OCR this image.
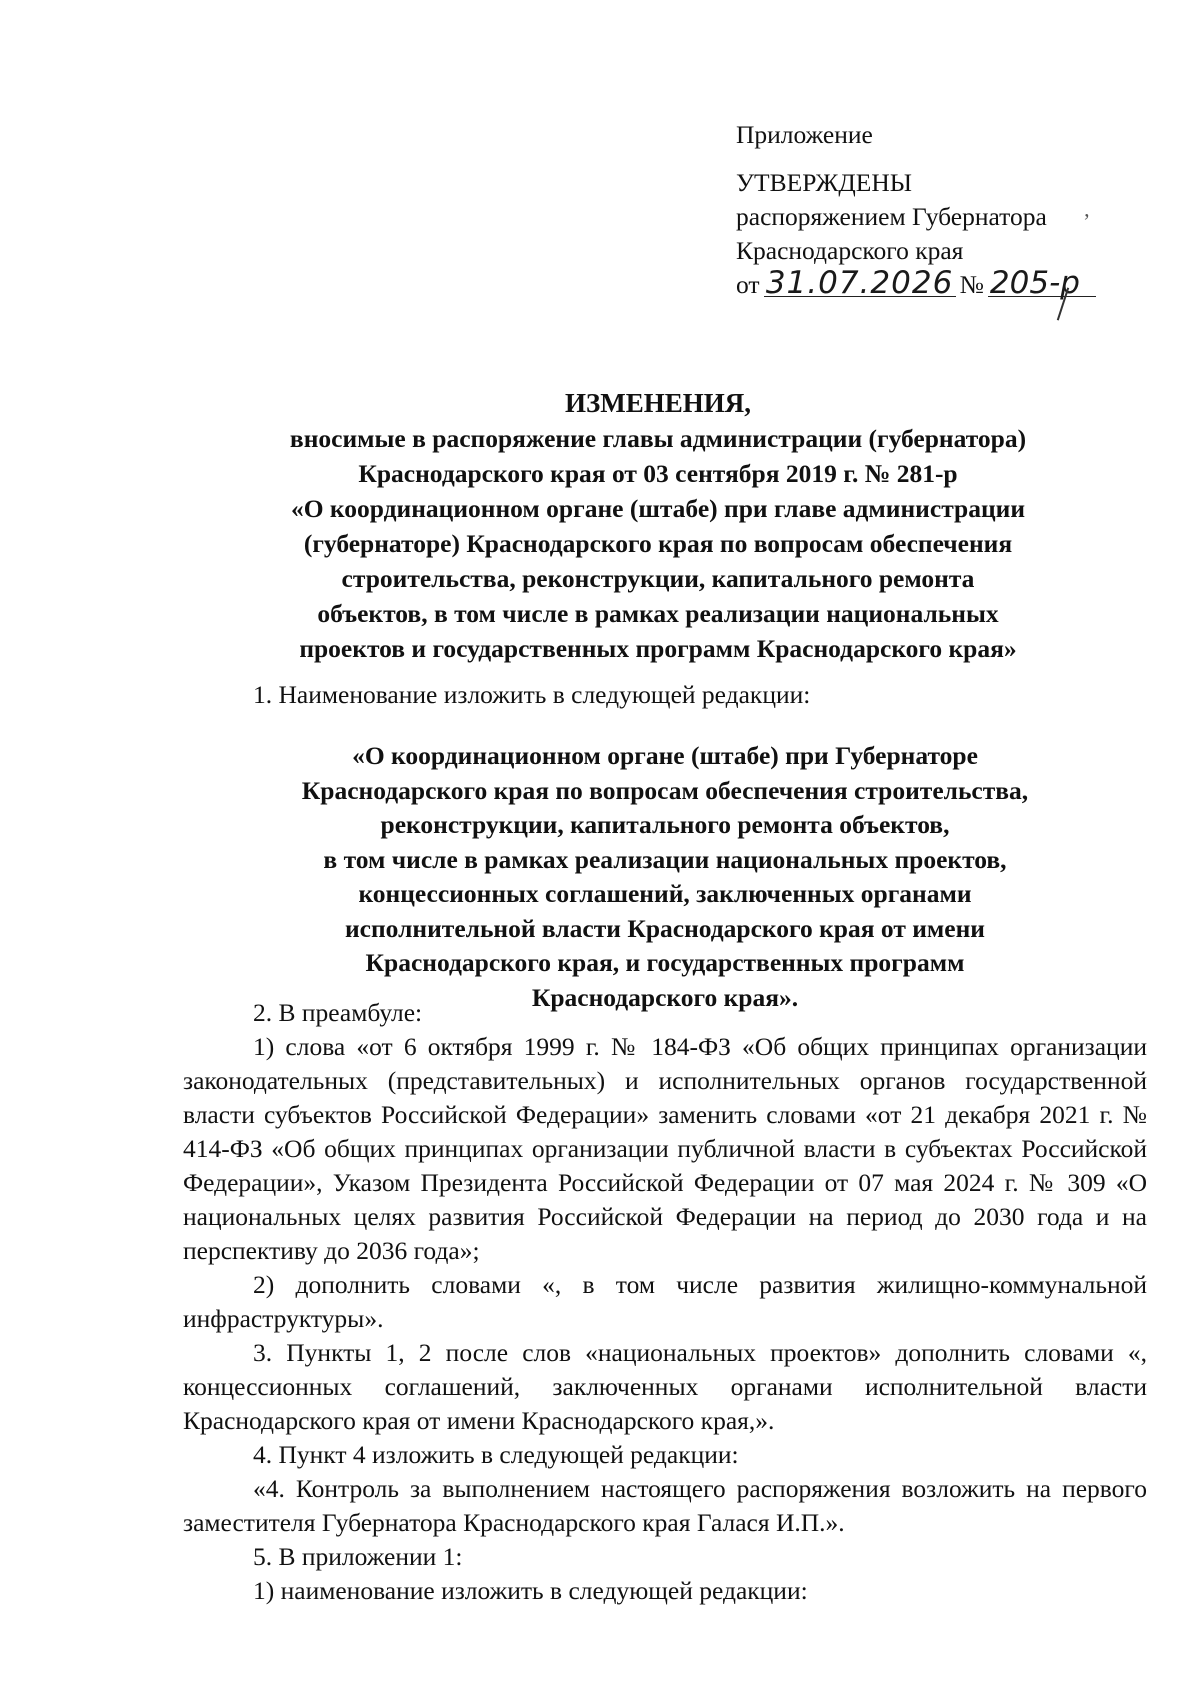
Приложение
УТВЕРЖДЕНЫ
распоряжением Губернатора
Краснодарского края
от 31.07.2026 № 205-р
ʼ
ИЗМЕНЕНИЯ,
вносимые в распоряжение главы администрации (губернатора)
Краснодарского края от 03 сентября 2019 г. № 281-р
«О координационном органе (штабе) при главе администрации
(губернаторе) Краснодарского края по вопросам обеспечения
строительства, реконструкции, капитального ремонта
объектов, в том числе в рамках реализации национальных
проектов и государственных программ Краснодарского края»

1. Наименование изложить в следующей редакции:

«О координационном органе (штабе) при Губернаторе
Краснодарского края по вопросам обеспечения строительства,
реконструкции, капитального ремонта объектов,
в том числе в рамках реализации национальных проектов,
концессионных соглашений, заключенных органами
исполнительной власти Краснодарского края от имени
Краснодарского края, и государственных программ
Краснодарского края».

2. В преамбуле:

1) слова «от 6 октября 1999 г. № 184-ФЗ «Об общих принципах организации законодательных (представительных) и исполнительных органов государственной власти субъектов Российской Федерации» заменить словами «от 21 декабря 2021 г. № 414-ФЗ «Об общих принципах организации публичной власти в субъектах Российской Федерации», Указом Президента Российской Федерации от 07 мая 2024 г. № 309 «О национальных целях развития Российской Федерации на период до 2030 года и на перспективу до 2036 года»;

2) дополнить словами «, в том числе развития жилищно-коммунальной инфраструктуры».

3. Пункты 1, 2 после слов «национальных проектов» дополнить словами «, концессионных соглашений, заключенных органами исполнительной власти Краснодарского края от имени Краснодарского края,».

4. Пункт 4 изложить в следующей редакции:

«4. Контроль за выполнением настоящего распоряжения возложить на первого заместителя Губернатора Краснодарского края Галася И.П.».

5. В приложении 1:

1) наименование изложить в следующей редакции:
